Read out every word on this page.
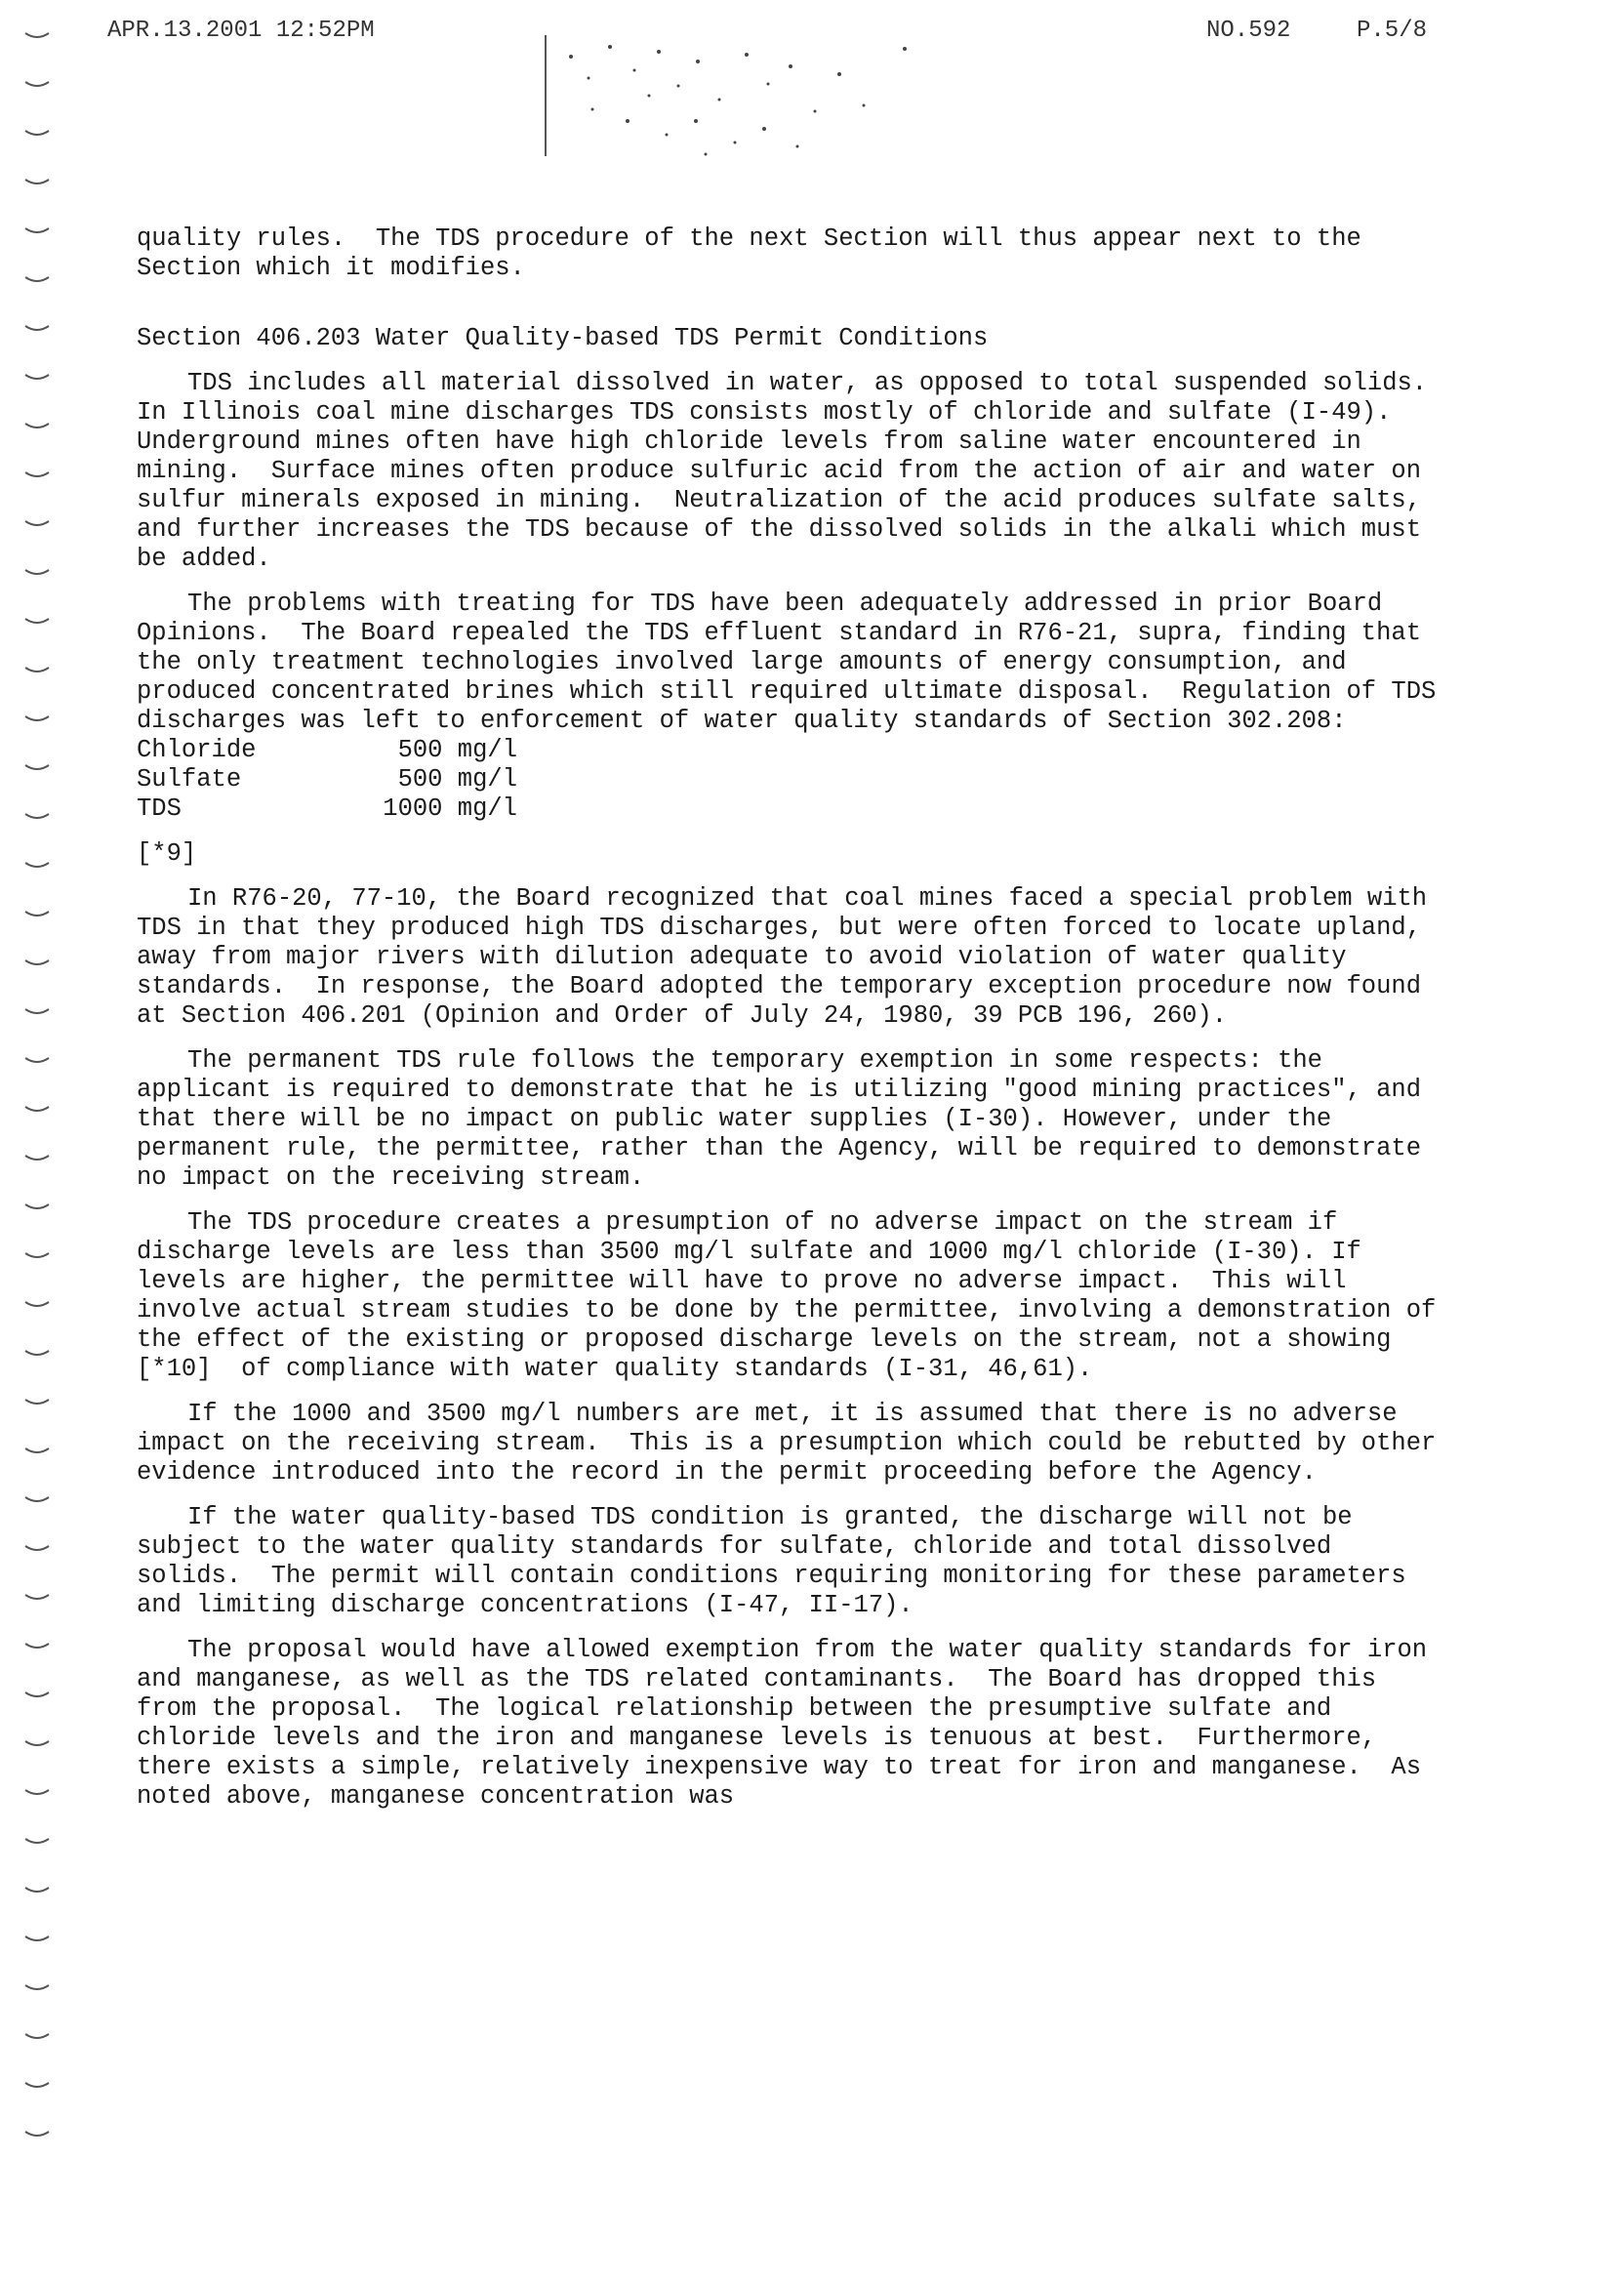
APR.13.2001 12:52PM	NO.592	P.5/8

quality rules.  The TDS procedure of the next Section will thus appear next to the Section which it modifies.

Section 406.203 Water Quality-based TDS Permit Conditions

TDS includes all material dissolved in water, as opposed to total suspended solids.  In Illinois coal mine discharges TDS consists mostly of chloride and sulfate (I-49).  Underground mines often have high chloride levels from saline water encountered in mining.  Surface mines often produce sulfuric acid from the action of air and water on sulfur minerals exposed in mining.  Neutralization of the acid produces sulfate salts, and further increases the TDS because of the dissolved solids in the alkali which must be added.

The problems with treating for TDS have been adequately addressed in prior Board Opinions.  The Board repealed the TDS effluent standard in R76-21, supra, finding that the only treatment technologies involved large amounts of energy consumption, and produced concentrated brines which still required ultimate disposal.  Regulation of TDS discharges was left to enforcement of water quality standards of Section 302.208:

Chloride	500 mg/l
Sulfate	500 mg/l
TDS	1000 mg/l

[*9]

In R76-20, 77-10, the Board recognized that coal mines faced a special problem with TDS in that they produced high TDS discharges, but were often forced to locate upland, away from major rivers with dilution adequate to avoid violation of water quality standards.  In response, the Board adopted the temporary exception procedure now found at Section 406.201 (Opinion and Order of July 24, 1980, 39 PCB 196, 260).

The permanent TDS rule follows the temporary exemption in some respects: the applicant is required to demonstrate that he is utilizing "good mining practices", and that there will be no impact on public water supplies (I-30). However, under the permanent rule, the permittee, rather than the Agency, will be required to demonstrate no impact on the receiving stream.

The TDS procedure creates a presumption of no adverse impact on the stream if discharge levels are less than 3500 mg/l sulfate and 1000 mg/l chloride (I-30). If levels are higher, the permittee will have to prove no adverse impact.  This will involve actual stream studies to be done by the permittee, involving a demonstration of the effect of the existing or proposed discharge levels on the stream, not a showing [*10]  of compliance with water quality standards (I-31, 46,61).

If the 1000 and 3500 mg/l numbers are met, it is assumed that there is no adverse impact on the receiving stream.  This is a presumption which could be rebutted by other evidence introduced into the record in the permit proceeding before the Agency.

If the water quality-based TDS condition is granted, the discharge will not be subject to the water quality standards for sulfate, chloride and total dissolved solids.  The permit will contain conditions requiring monitoring for these parameters and limiting discharge concentrations (I-47, II-17).

The proposal would have allowed exemption from the water quality standards for iron and manganese, as well as the TDS related contaminants.  The Board has dropped this from the proposal.  The logical relationship between the presumptive sulfate and chloride levels and the iron and manganese levels is tenuous at best.  Furthermore, there exists a simple, relatively inexpensive way to treat for iron and manganese.  As noted above, manganese concentration was
